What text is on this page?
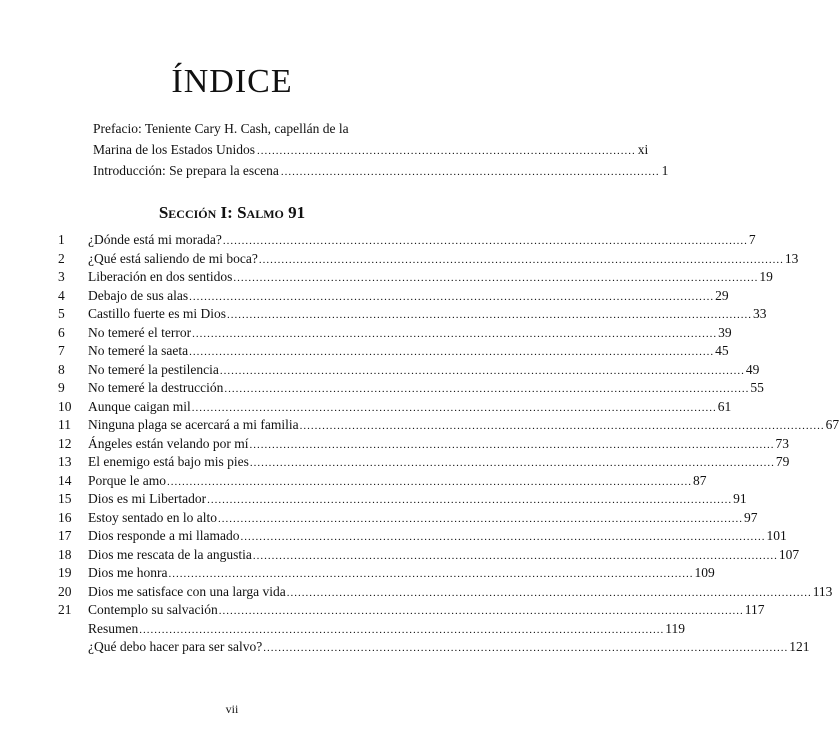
ÍNDICE
Prefacio: Teniente Cary H. Cash, capellán de la
Marina de los Estados Unidos ..................................................................................................... xi
Introducción: Se prepara la escena ..................................................................................................... 1
Sección I: Salmo 91
1	¿Dónde está mi morada? ............................................................................................................................................ 7
2	¿Qué está saliendo de mi boca? ............................................................................................................................................ 13
3	Liberación en dos sentidos ............................................................................................................................................ 19
4	Debajo de sus alas ............................................................................................................................................ 29
5	Castillo fuerte es mi Dios ............................................................................................................................................ 33
6	No temeré el terror ............................................................................................................................................ 39
7	No temeré la saeta ............................................................................................................................................ 45
8	No temeré la pestilencia ............................................................................................................................................ 49
9	No temeré la destrucción ............................................................................................................................................ 55
10	Aunque caigan mil ............................................................................................................................................ 61
11	Ninguna plaga se acercará a mi familia ............................................................................................................................................ 67
12	Ángeles están velando por mí ............................................................................................................................................ 73
13	El enemigo está bajo mis pies ............................................................................................................................................ 79
14	Porque le amo ............................................................................................................................................ 87
15	Dios es mi Libertador ............................................................................................................................................ 91
16	Estoy sentado en lo alto ............................................................................................................................................ 97
17	Dios responde a mi llamado ............................................................................................................................................ 101
18	Dios me rescata de la angustia ............................................................................................................................................ 107
19	Dios me honra ............................................................................................................................................ 109
20	Dios me satisface con una larga vida ............................................................................................................................................ 113
21	Contemplo su salvación ............................................................................................................................................ 117
Resumen ............................................................................................................................................ 119
¿Qué debo hacer para ser salvo? ............................................................................................................................................ 121
vii
